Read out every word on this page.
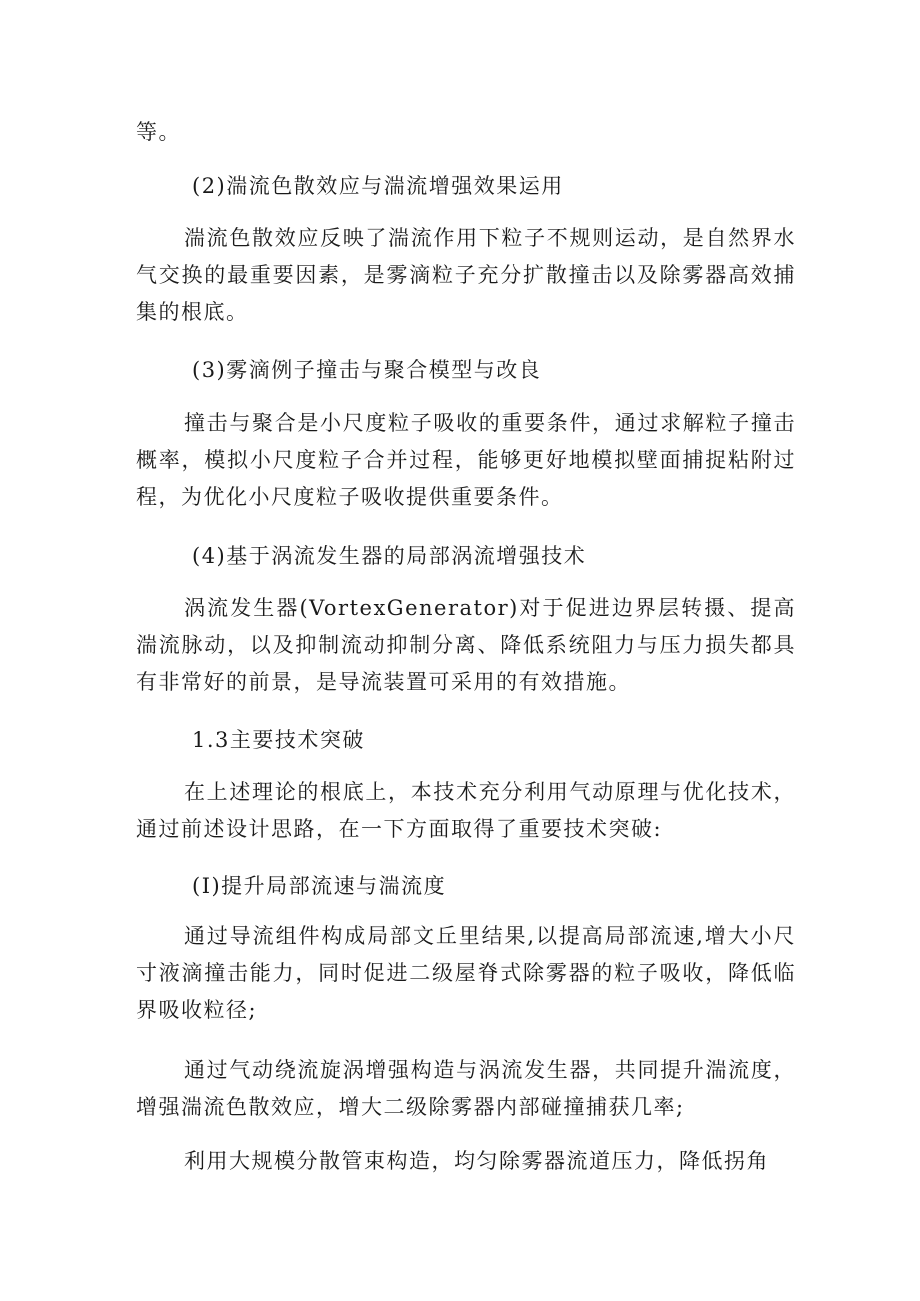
等。

(2)湍流色散效应与湍流增强效果运用

湍流色散效应反映了湍流作用下粒子不规则运动，是自然界水气交换的最重要因素，是雾滴粒子充分扩散撞击以及除雾器高效捕集的根底。

(3)雾滴例子撞击与聚合模型与改良

撞击与聚合是小尺度粒子吸收的重要条件，通过求解粒子撞击概率，模拟小尺度粒子合并过程，能够更好地模拟壁面捕捉粘附过程，为优化小尺度粒子吸收提供重要条件。

(4)基于涡流发生器的局部涡流增强技术

涡流发生器(VortexGenerator)对于促进边界层转摄、提高湍流脉动，以及抑制流动抑制分离、降低系统阻力与压力损失都具有非常好的前景，是导流装置可采用的有效措施。

1.3主要技术突破

在上述理论的根底上，本技术充分利用气动原理与优化技术，通过前述设计思路，在一下方面取得了重要技术突破:

(I)提升局部流速与湍流度

通过导流组件构成局部文丘里结果,以提高局部流速,增大小尺寸液滴撞击能力，同时促进二级屋脊式除雾器的粒子吸收，降低临界吸收粒径;

通过气动绕流旋涡增强构造与涡流发生器，共同提升湍流度，增强湍流色散效应，增大二级除雾器内部碰撞捕获几率;

利用大规模分散管束构造，均匀除雾器流道压力，降低拐角
